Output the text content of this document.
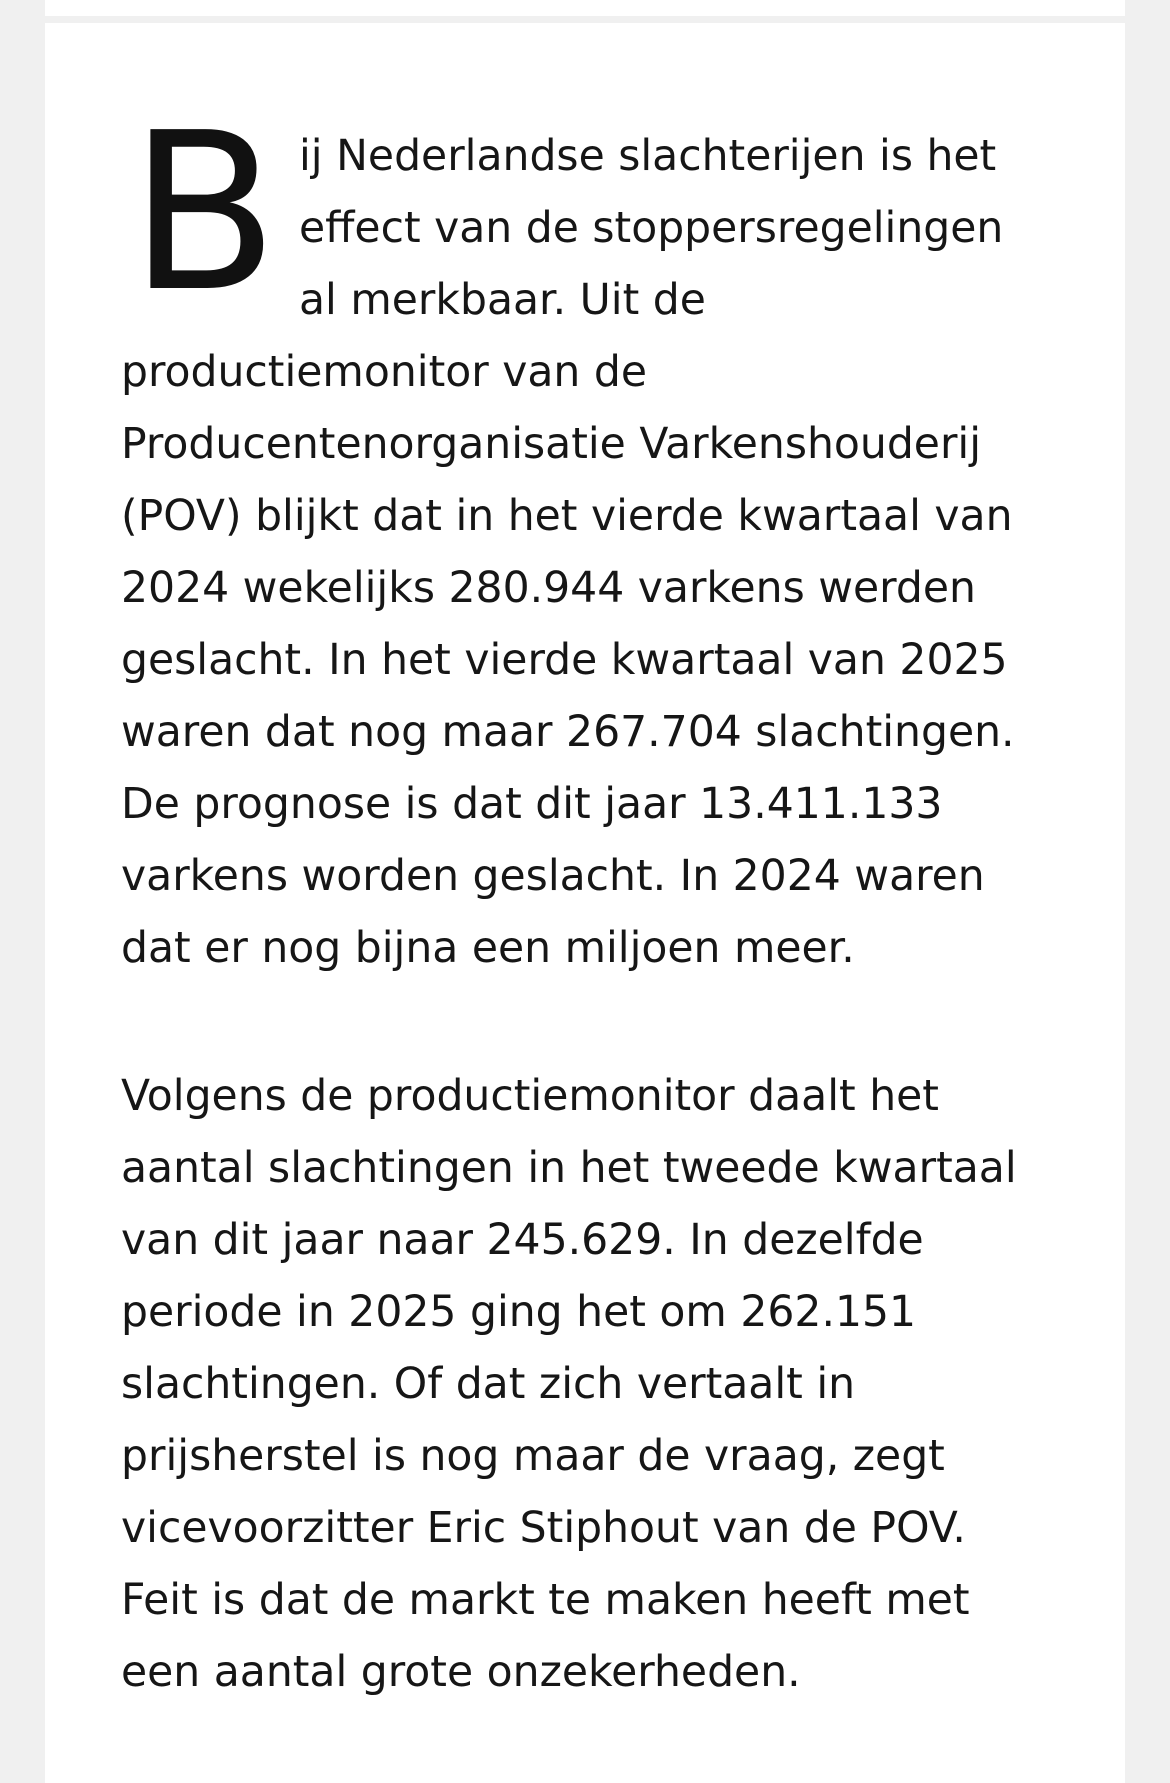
B ij Nederlandse slachterijen is het
effect van de stoppersregelingen
al merkbaar. Uit de
productiemonitor van de
Producentenorganisatie Varkenshouderij
(POV) blijkt dat in het vierde kwartaal van
2024 wekelijks 280.944 varkens werden
geslacht. In het vierde kwartaal van 2025
waren dat nog maar 267.704 slachtingen.
De prognose is dat dit jaar 13.411.133
varkens worden geslacht. In 2024 waren
dat er nog bijna een miljoen meer.
Volgens de productiemonitor daalt het
aantal slachtingen in het tweede kwartaal
van dit jaar naar 245.629. In dezelfde
periode in 2025 ging het om 262.151
slachtingen. Of dat zich vertaalt in
prijsherstel is nog maar de vraag, zegt
vicevoorzitter Eric Stiphout van de POV.
Feit is dat de markt te maken heeft met
een aantal grote onzekerheden.
